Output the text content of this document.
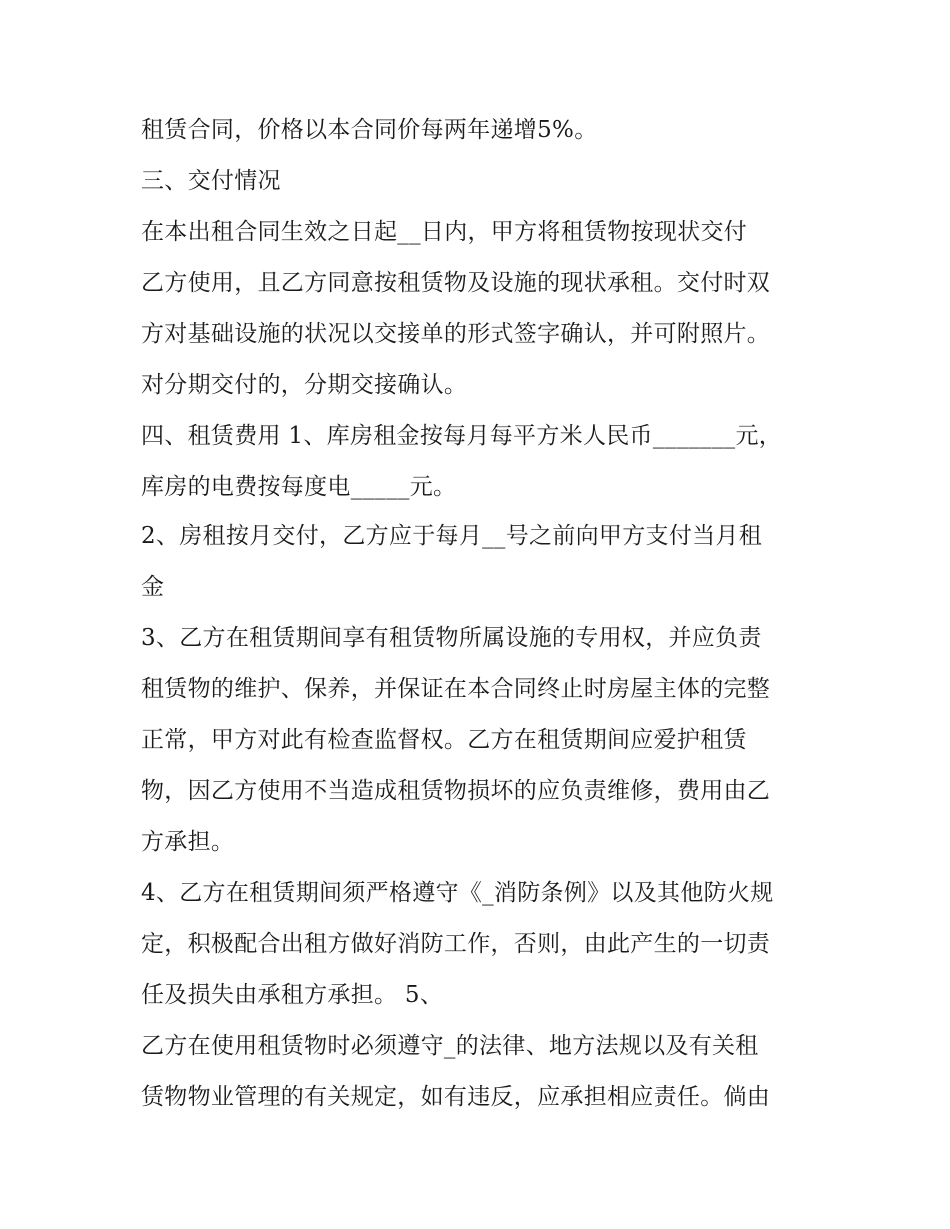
租赁合同，价格以本合同价每两年递增5%。

三、交付情况

在本出租合同生效之日起__日内，甲方将租赁物按现状交付

乙方使用，且乙方同意按租赁物及设施的现状承租。交付时双

方对基础设施的状况以交接单的形式签字确认，并可附照片。

对分期交付的，分期交接确认。

四、租赁费用 1、库房租金按每月每平方米人民币_______元，

库房的电费按每度电_____元。

2、房租按月交付，乙方应于每月__号之前向甲方支付当月租

金

3、乙方在租赁期间享有租赁物所属设施的专用权，并应负责

租赁物的维护、保养，并保证在本合同终止时房屋主体的完整

正常，甲方对此有检查监督权。乙方在租赁期间应爱护租赁

物，因乙方使用不当造成租赁物损坏的应负责维修，费用由乙

方承担。

4、乙方在租赁期间须严格遵守《_消防条例》以及其他防火规

定，积极配合出租方做好消防工作，否则，由此产生的一切责

任及损失由承租方承担。 5、

乙方在使用租赁物时必须遵守_的法律、地方法规以及有关租

赁物物业管理的有关规定，如有违反，应承担相应责任。倘由
